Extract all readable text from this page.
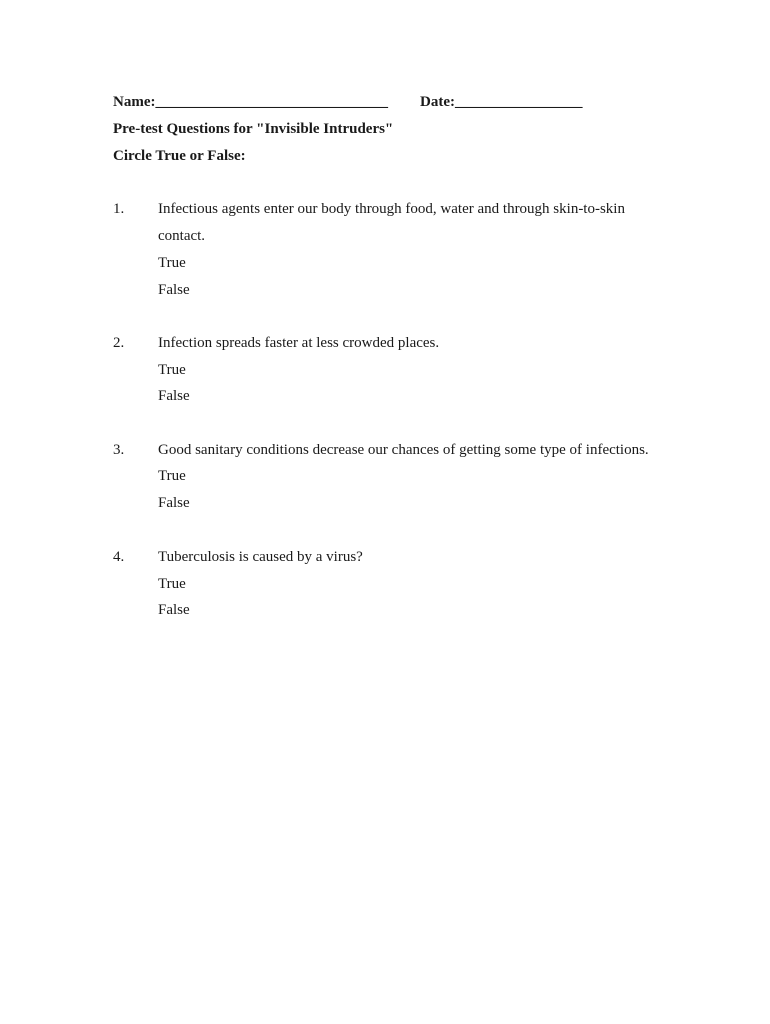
Name:_______________________________ Date:_________________
Pre-test Questions for "Invisible Intruders"
Circle True or False:
1. Infectious agents enter our body through food, water and through skin-to-skin
contact.
True
False
2. Infection spreads faster at less crowded places.
True
False
3. Good sanitary conditions decrease our chances of getting some type of infections.
True
False
4. Tuberculosis is caused by a virus?
True
False
